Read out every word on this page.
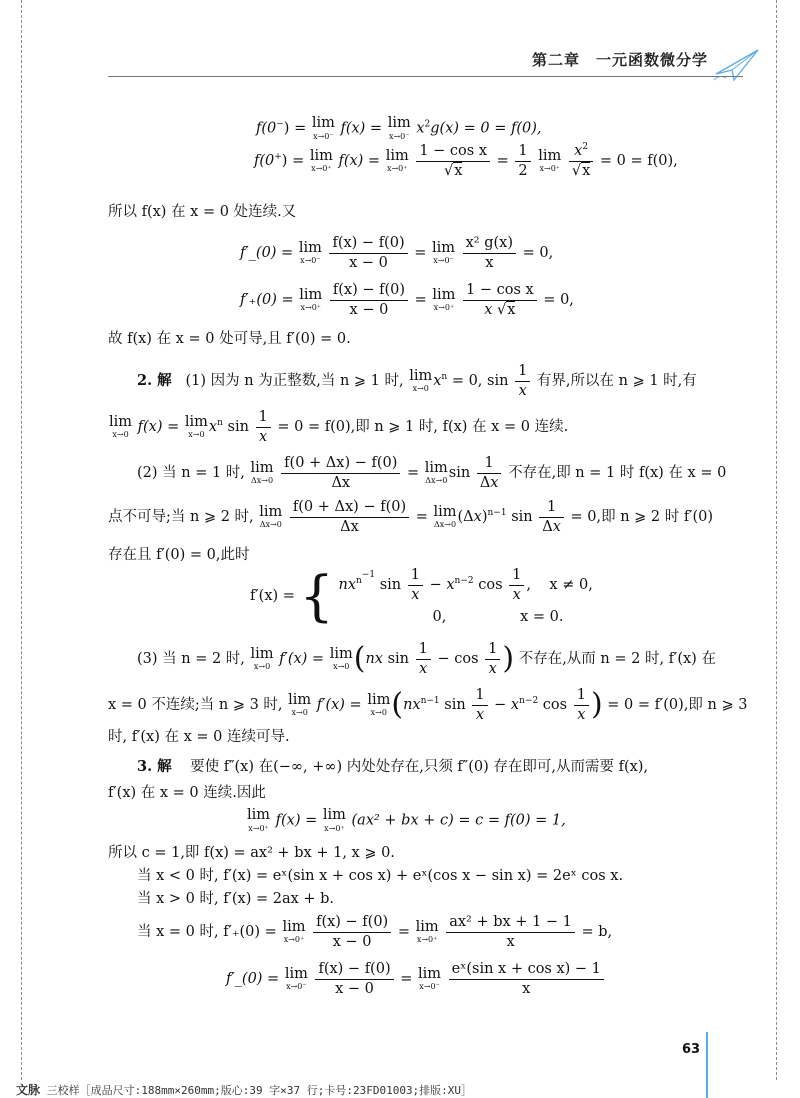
第二章　一元函数微分学
f(0−) = lim
x→0⁻ f(x) = lim
x→0⁻ $x^2g(x) = 0 = f(0)$,
f(0+) = lim
x→0⁺ f(x) = lim
x→0⁺
$\frac{\text{1 − cos x}}{√x} = \frac{1}{2}$
lim
x→0⁺
$\frac{x^2}{√x} = 0 = f(0)$,
所以 f(x) 在 x = 0 处连续.又
f′_(0) = lim
x→0⁻
$\frac{f(x) - f(0)}{x - 0} = \lim$
x→0⁻
$\frac{\text{x² g(x)}}{x} = 0$,
f′₊(0) = lim
x→0⁺
$\frac{f(x) - f(0)}{x - 0} = \lim$
x→0⁺
$\frac{\text{1 − cos x}}{x √x} = 0$,
故 f(x) 在 x = 0 处可导,且 f′(0) = 0.
2. 解 (1) 因为 n 为正整数,当 n ⩾ 1 时, lim
x→0 $x^n = 0$, $\sin \frac{1}{x}$ 有界,所以在 n ⩾ 1 时,有
lim
x→0 f(x) = lim
x→0 $x^n$ $\sin \frac{1}{x} = 0 = f(0)$,即 n ⩾ 1 时, f(x) 在 x = 0 连续.
(2) 当 n = 1 时, lim
Δx→0
$\frac{f(0 + \Delta x) - f(0)}{\Delta x} = \lim$
Δx→0 $\sin \frac{1}{\Delta x}$ 不存在,即 n = 1 时 f(x) 在 x = 0
点不可导;当 n ⩾ 2 时, lim
Δx→0
$\frac{f(0 + \Delta x) - f(0)}{\Delta x} = \lim$
Δx→0 $(\Delta x)^{n-1}$ $\sin \frac{1}{\Delta x} = 0$,即 n ⩾ 2 时 f′(0)
存在且 f′(0) = 0,此时
f′(x) = { $nx^{n^{-1}}$ $\sin \frac{1}{x} - x^{n-2}$ $\cos \frac{1}{x}$ ,    x ≠ 0,
0,	x = 0.
(3) 当 n = 2 时, lim
x→0 f′(x) = lim
x→0 (nx $\sin \frac{1}{x} - \cos \frac{1}{x}$ ) 不存在,从而 n = 2 时, f′(x) 在
x = 0 不连续;当 n ⩾ 3 时, lim
x→0 f′(x) = lim
x→0 ($nx^{n-1}$ $\sin \frac{1}{x} - x^{n-2}$ $\cos \frac{1}{x}$ ) = 0 = f′(0),即 n ⩾ 3
时, f′(x) 在 x = 0 连续可导.
3. 解 要使 f″(x) 在(−∞, +∞) 内处处存在,只须 f″(0) 存在即可,从而需要 f(x),
f′(x) 在 x = 0 连续.因此
lim
x→0⁺ f(x) = lim
x→0⁺ (ax² + bx + c) = c = f(0) = 1,
所以 c = 1,即 f(x) = ax² + bx + 1, x ⩾ 0.
当 x < 0 时, f′(x) = eˣ(sin x + cos x) + eˣ(cos x − sin x) = 2eˣ cos x.
当 x > 0 时, f′(x) = 2ax + b.
当 x = 0 时, f′₊(0) = lim
x→0⁺
$\frac{f(x) - f(0)}{x - 0} = \lim$
x→0⁺
$\frac{\text{ax² + bx + 1 − 1}}{x} = b$,
f′_(0) = lim
x→0⁻
$\frac{f(x) - f(0)}{x - 0} = \lim$
x→0⁻
$\frac{\text{eˣ(sin x + cos x) − 1}}{x}$
63
文脉 三校样［成品尺寸:188mm×260mm;版心:39 字×37 行;卡号:23FD01003;排版:XU］
